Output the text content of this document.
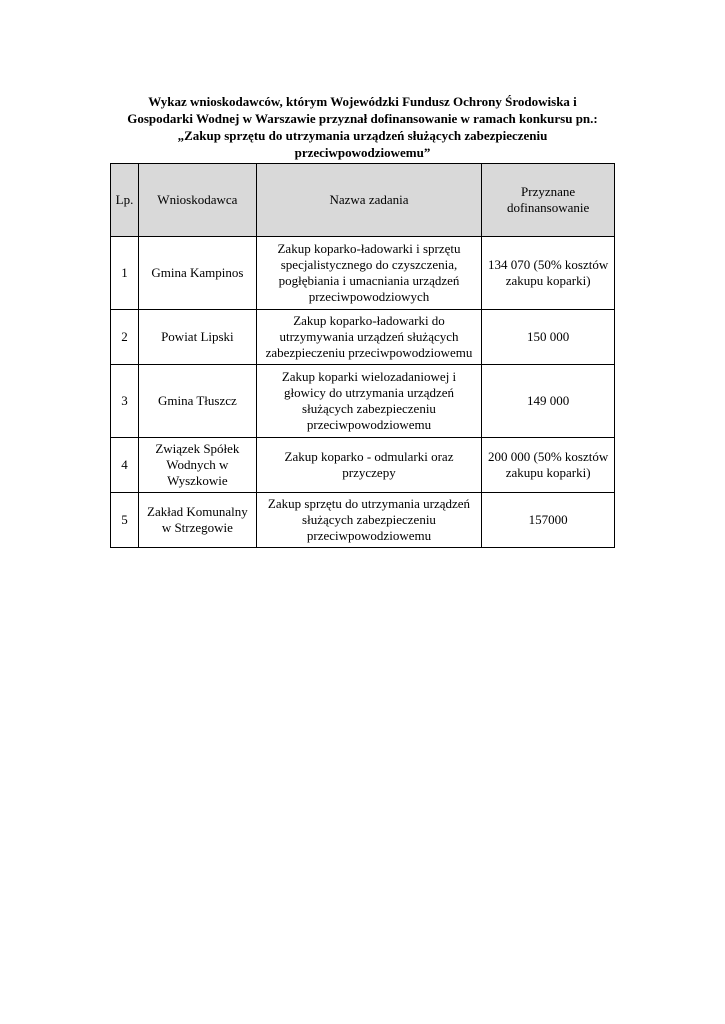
Wykaz wnioskodawców, którym Wojewódzki Fundusz Ochrony Środowiska i
Gospodarki Wodnej w Warszawie przyznał dofinansowanie w ramach konkursu pn.:
„Zakup sprzętu do utrzymania urządzeń służących zabezpieczeniu
przeciwpowodziowemu”
Lp.	Wnioskodawca	Nazwa zadania	Przyznane dofinansowanie
1	Gmina Kampinos	Zakup koparko-ładowarki i sprzętu specjalistycznego do czyszczenia, pogłębiania i umacniania urządzeń przeciwpowodziowych	134 070 (50% kosztów zakupu koparki)
2	Powiat Lipski	Zakup koparko-ładowarki do utrzymywania urządzeń służących zabezpieczeniu przeciwpowodziowemu	150 000
3	Gmina Tłuszcz	Zakup koparki wielozadaniowej i głowicy do utrzymania urządzeń służących zabezpieczeniu przeciwpowodziowemu	149 000
4	Związek Spółek Wodnych w Wyszkowie	Zakup koparko - odmularki oraz przyczepy	200 000 (50% kosztów zakupu koparki)
5	Zakład Komunalny w Strzegowie	Zakup sprzętu do utrzymania urządzeń służących zabezpieczeniu przeciwpowodziowemu	157000
